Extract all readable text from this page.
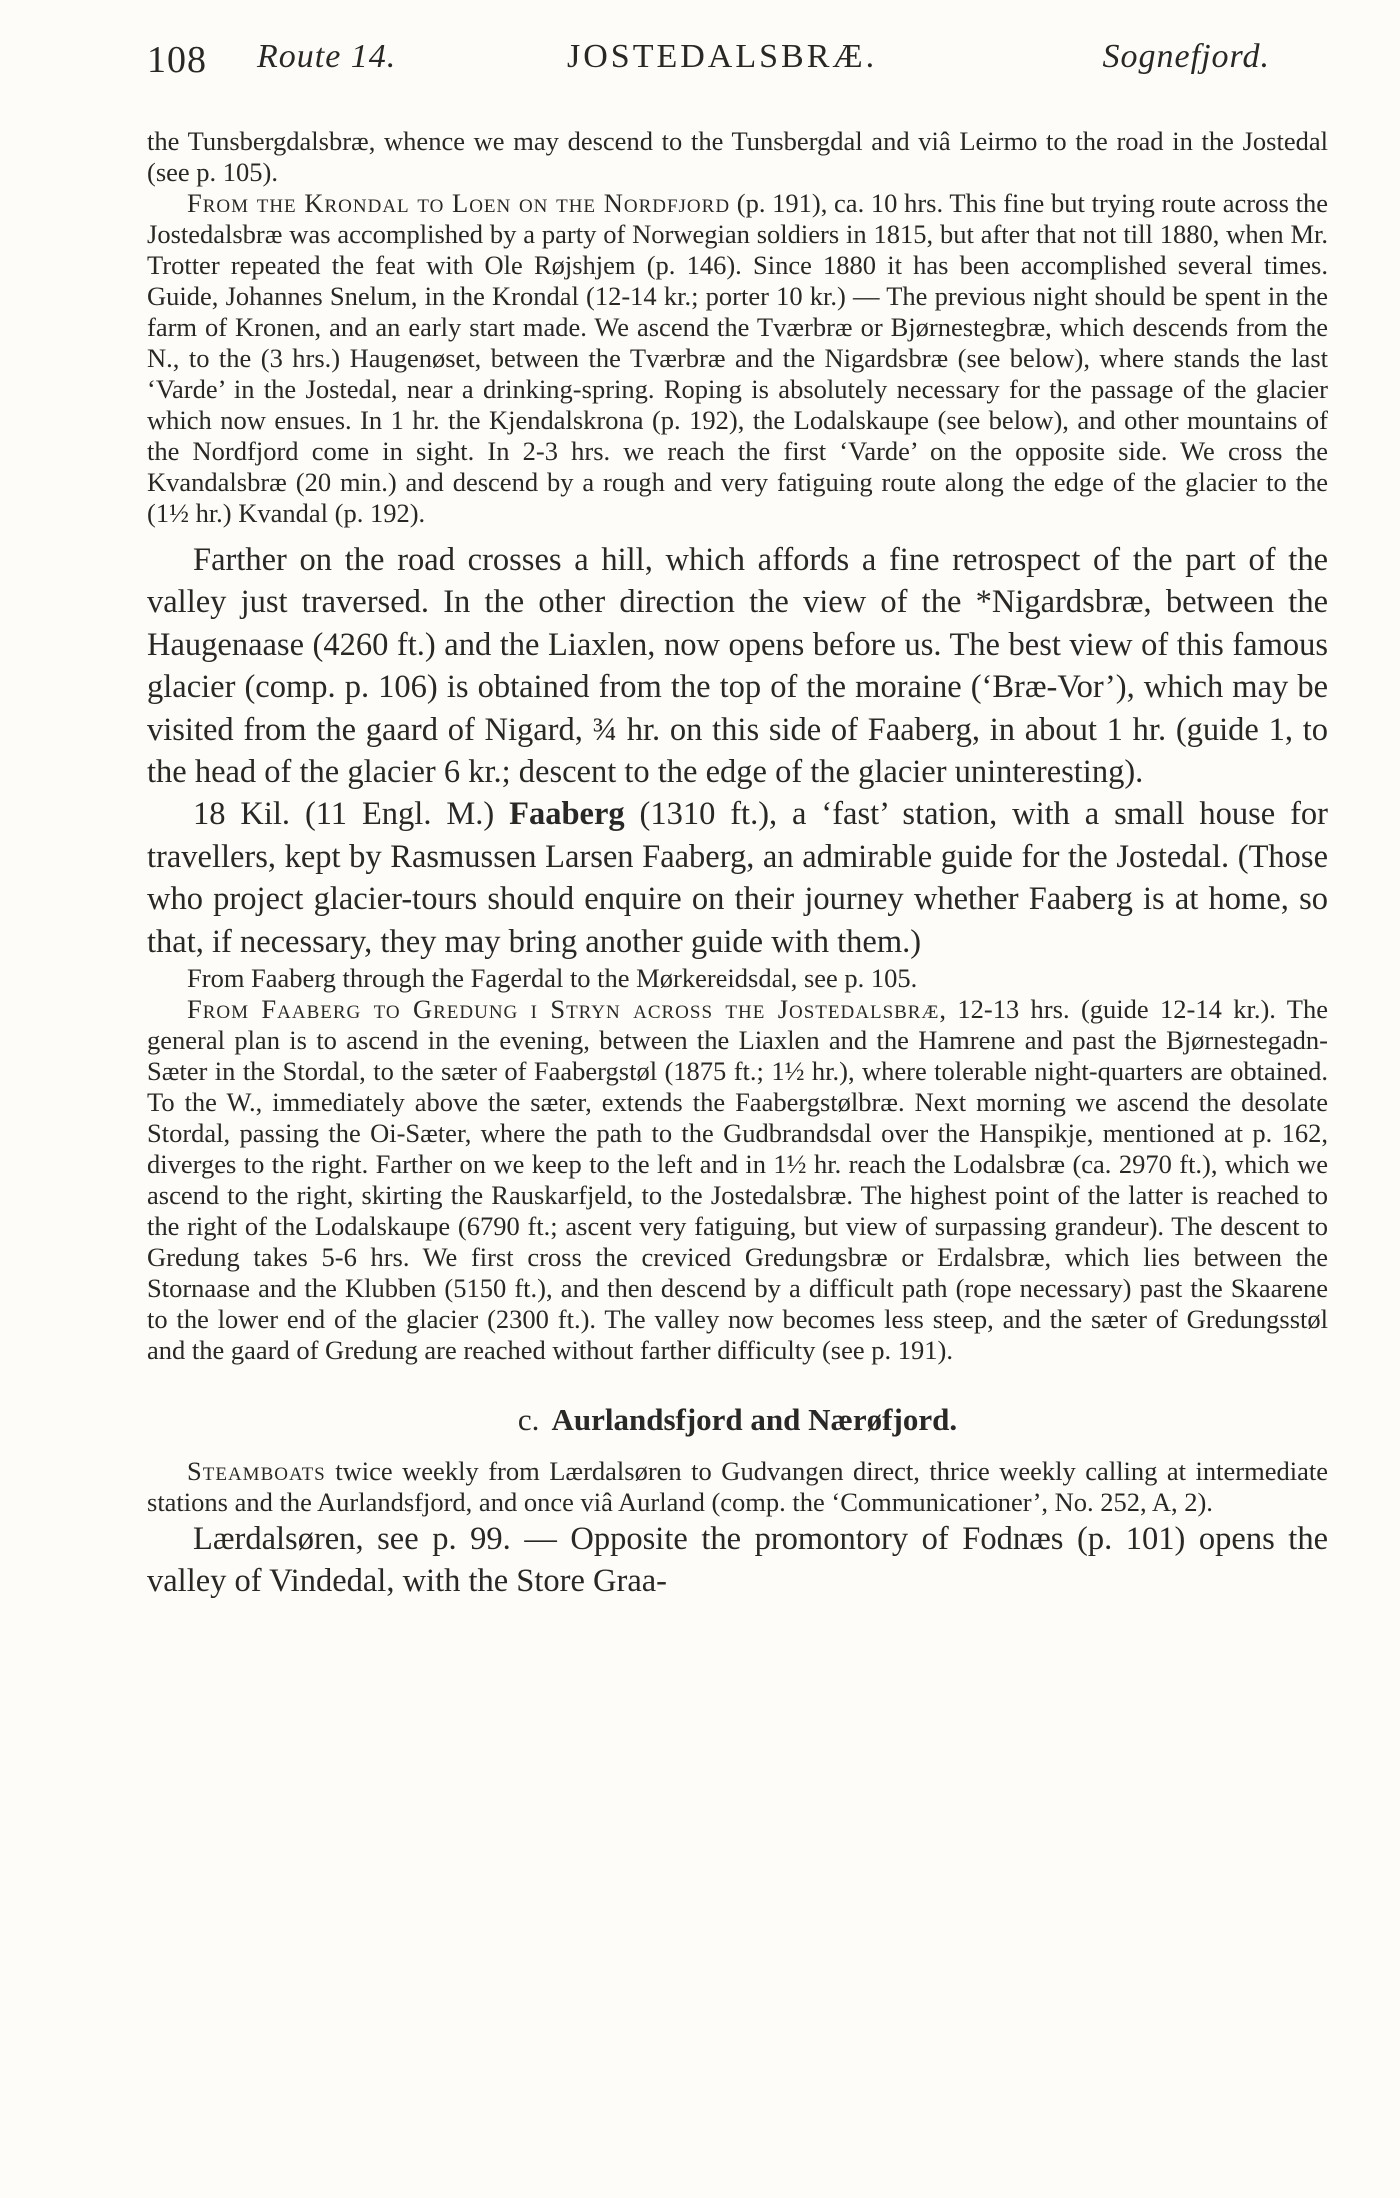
108 Route 14.	JOSTEDALSBRÆ.	Sognefjord.

the Tunsbergdalsbræ, whence we may descend to the Tunsbergdal and viâ Leirmo to the road in the Jostedal (see p. 105).

From the Krondal to Loen on the Nordfjord (p. 191), ca. 10 hrs. This fine but trying route across the Jostedalsbræ was accomplished by a party of Norwegian soldiers in 1815, but after that not till 1880, when Mr. Trotter repeated the feat with Ole Røjshjem (p. 146). Since 1880 it has been accomplished several times. Guide, Johannes Snelum, in the Krondal (12-14 kr.; porter 10 kr.) — The previous night should be spent in the farm of Kronen, and an early start made. We ascend the Tværbræ or Bjørnestegbræ, which descends from the N., to the (3 hrs.) Haugenøset, between the Tværbræ and the Nigardsbræ (see below), where stands the last ‘Varde’ in the Jostedal, near a drinking-spring. Roping is absolutely necessary for the passage of the glacier which now ensues. In 1 hr. the Kjendalskrona (p. 192), the Lodalskaupe (see below), and other mountains of the Nordfjord come in sight. In 2-3 hrs. we reach the first ‘Varde’ on the opposite side. We cross the Kvandalsbræ (20 min.) and descend by a rough and very fatiguing route along the edge of the glacier to the (1½ hr.) Kvandal (p. 192).

Farther on the road crosses a hill, which affords a fine retrospect of the part of the valley just traversed. In the other direction the view of the *Nigardsbræ, between the Haugenaase (4260 ft.) and the Liaxlen, now opens before us. The best view of this famous glacier (comp. p. 106) is obtained from the top of the moraine (‘Bræ-Vor’), which may be visited from the gaard of Nigard, ¾ hr. on this side of Faaberg, in about 1 hr. (guide 1, to the head of the glacier 6 kr.; descent to the edge of the glacier uninteresting).

18 Kil. (11 Engl. M.) Faaberg (1310 ft.), a ‘fast’ station, with a small house for travellers, kept by Rasmussen Larsen Faaberg, an admirable guide for the Jostedal. (Those who project glacier-tours should enquire on their journey whether Faaberg is at home, so that, if necessary, they may bring another guide with them.)

From Faaberg through the Fagerdal to the Mørkereidsdal, see p. 105.

From Faaberg to Gredung i Stryn across the Jostedalsbræ, 12-13 hrs. (guide 12-14 kr.). The general plan is to ascend in the evening, between the Liaxlen and the Hamrene and past the Bjørnestegadn-Sæter in the Stordal, to the sæter of Faabergstøl (1875 ft.; 1½ hr.), where tolerable night-quarters are obtained. To the W., immediately above the sæter, extends the Faabergstølbræ. Next morning we ascend the desolate Stordal, passing the Oi-Sæter, where the path to the Gudbrandsdal over the Hanspikje, mentioned at p. 162, diverges to the right. Farther on we keep to the left and in 1½ hr. reach the Lodalsbræ (ca. 2970 ft.), which we ascend to the right, skirting the Rauskarfjeld, to the Jostedalsbræ. The highest point of the latter is reached to the right of the Lodalskaupe (6790 ft.; ascent very fatiguing, but view of surpassing grandeur). The descent to Gredung takes 5-6 hrs. We first cross the creviced Gredungsbræ or Erdalsbræ, which lies between the Stornaase and the Klubben (5150 ft.), and then descend by a difficult path (rope necessary) past the Skaarene to the lower end of the glacier (2300 ft.). The valley now becomes less steep, and the sæter of Gredungsstøl and the gaard of Gredung are reached without farther difficulty (see p. 191).

c. Aurlandsfjord and Nærøfjord.

Steamboats twice weekly from Lærdalsøren to Gudvangen direct, thrice weekly calling at intermediate stations and the Aurlandsfjord, and once viâ Aurland (comp. the ‘Communicationer’, No. 252, A, 2).

Lærdalsøren, see p. 99. — Opposite the promontory of Fodnæs (p. 101) opens the valley of Vindedal, with the Store Graa-
